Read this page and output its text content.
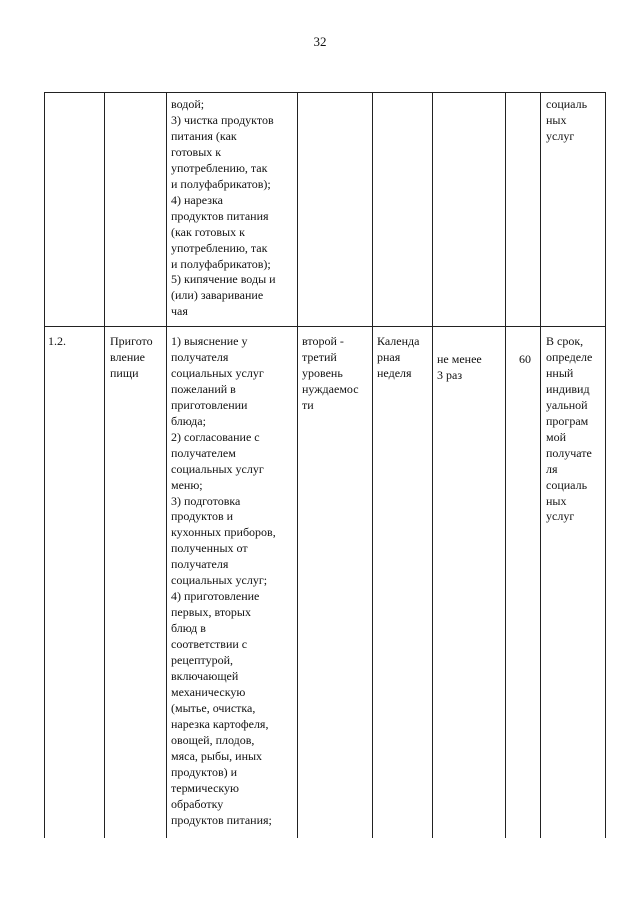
32
водой;
3) чистка продуктов
питания (как
готовых к
употреблению, так
и полуфабрикатов);
4) нарезка
продуктов питания
(как готовых к
употреблению, так
и полуфабрикатов);
5) кипячение воды и
(или) заваривание
чая
социаль
ных
услуг
1.2.	Пригото
вление
пищи
1) выяснение у
получателя
социальных услуг
пожеланий в
приготовлении
блюда;
2) согласование с
получателем
социальных услуг
меню;
3) подготовка
продуктов и
кухонных приборов,
полученных от
получателя
социальных услуг;
4) приготовление
первых, вторых
блюд в
соответствии с
рецептурой,
включающей
механическую
(мытье, очистка,
нарезка картофеля,
овощей, плодов,
мяса, рыбы, иных
продуктов) и
термическую
обработку
продуктов питания;
второй -
третий
уровень
нуждаемос
ти
Календа
рная
неделя
не менее
3 раз
60
В срок,
определе
нный
индивид
уальной
програм
мой
получате
ля
социаль
ных
услуг
